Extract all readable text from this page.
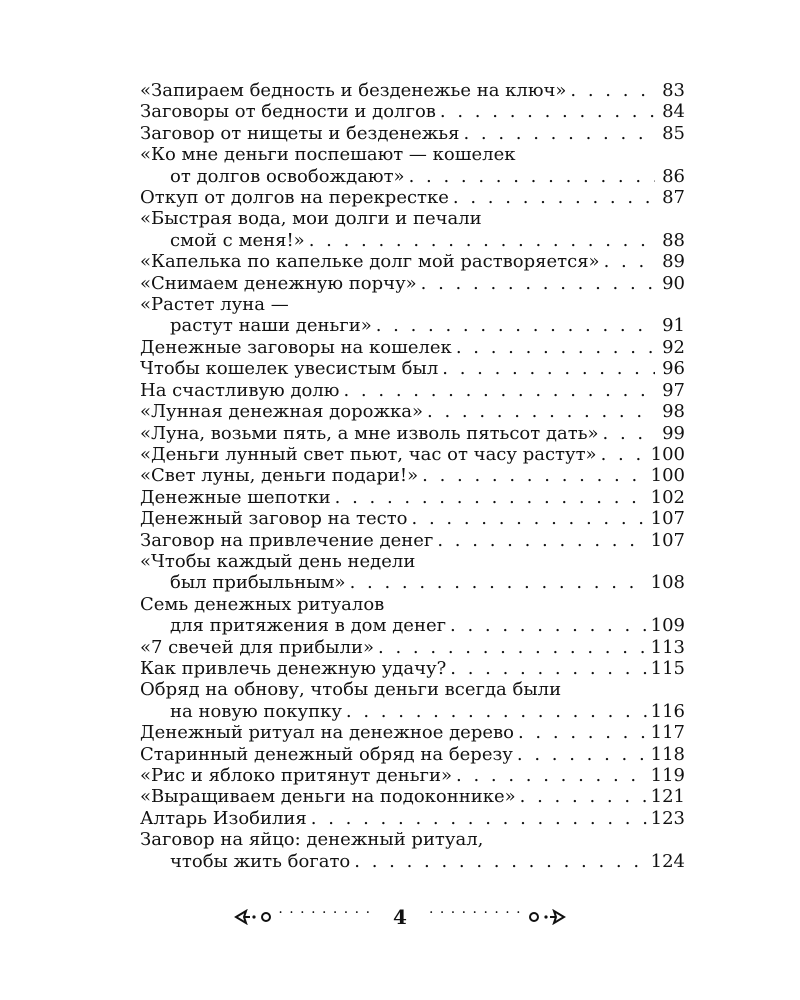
«Запираем бедность и безденежье на ключ» . . .	83
Заговоры от бедности и долгов . . .	84
Заговор от нищеты и безденежья . . .	85
«Ко мне деньги поспешают — кошелек
от долгов освобождают» . . .	86
Откуп от долгов на перекрестке . . .	87
«Быстрая вода, мои долги и печали
смой с меня!» . . .	88
«Капелька по капельке долг мой растворяется» . . .	89
«Снимаем денежную порчу» . . .	90
«Растет луна —
растут наши деньги» . . .	91
Денежные заговоры на кошелек . . .	92
Чтобы кошелек увесистым был . . .	96
На счастливую долю . . .	97
«Лунная денежная дорожка» . . .	98
«Луна, возьми пять, а мне изволь пятьсот дать» . . .	99
«Деньги лунный свет пьют, час от часу растут» . . .	100
«Свет луны, деньги подари!» . . .	100
Денежные шепотки . . .	102
Денежный заговор на тесто . . .	107
Заговор на привлечение денег . . .	107
«Чтобы каждый день недели
был прибыльным» . . .	108
Семь денежных ритуалов
для притяжения в дом денег . . .	109
«7 свечей для прибыли» . . .	113
Как привлечь денежную удачу? . . .	115
Обряд на обнову, чтобы деньги всегда были
на новую покупку . . .	116
Денежный ритуал на денежное дерево . . .	117
Старинный денежный обряд на березу . . .	118
«Рис и яблоко притянут деньги» . . .	119
«Выращиваем деньги на подоконнике» . . .	121
Алтарь Изобилия . . .	123
Заговор на яйцо: денежный ритуал,
чтобы жить богато . . .	124
· · · · · · · · · 4 · · · · · · · · ·
